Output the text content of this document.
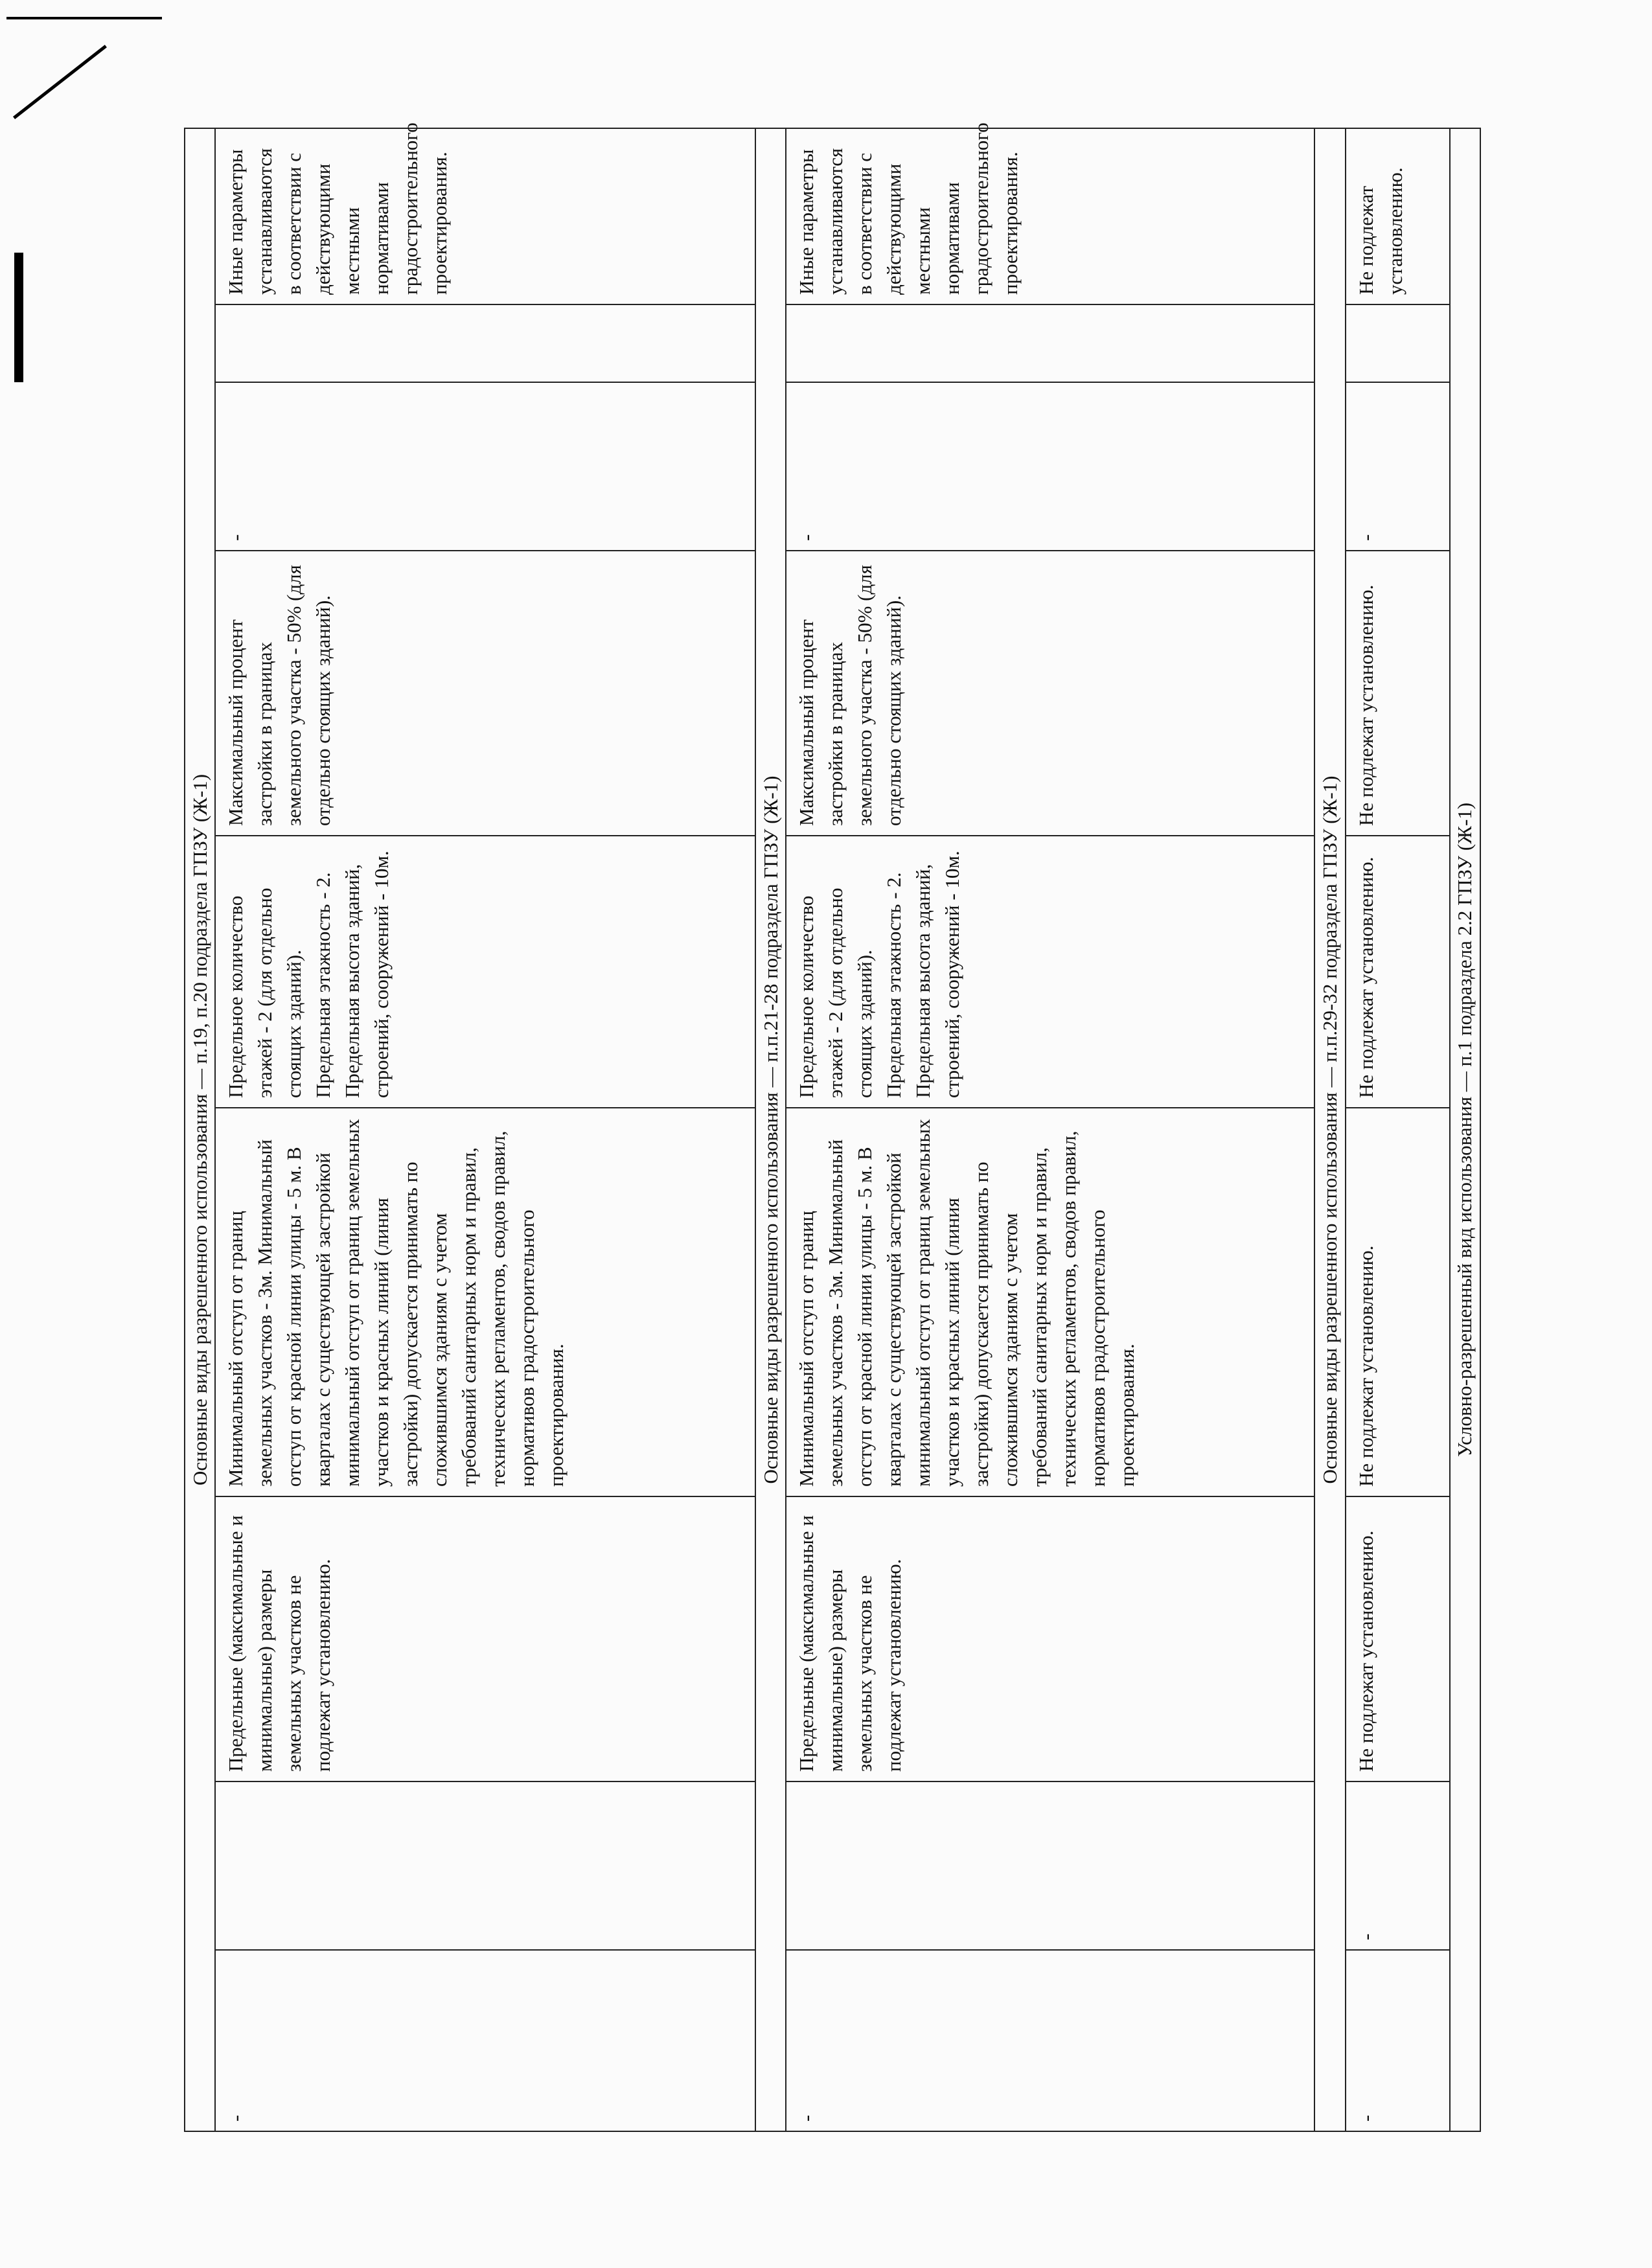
Основные виды разрешенного использования — п.19, п.20 подраздела ГПЗУ (Ж-1)								
-		Предельные (максимальные и минимальные) размеры земельных участков не подлежат установлению.	Минимальный отступ от границ земельных участков - 3м. Минимальный отступ от красной линии улицы - 5 м. В кварталах с существующей застройкой минимальный отступ от границ земельных участков и красных линий (линия застройки) допускается принимать по сложившимся зданиям с учетом требований санитарных норм и правил, технических регламентов, сводов правил, нормативов градостроительного проектирования.	Предельное количество этажей - 2 (для отдельно стоящих зданий). Предельная этажность - 2. Предельная высота зданий, строений, сооружений - 10м.	Максимальный процент застройки в границах земельного участка - 50% (для отдельно стоящих зданий).	-		Иные параметры устанавливаются в соответствии с действующими местными нормативами градостроительного проектирования.
Основные виды разрешенного использования — п.п.21-28 подраздела ГПЗУ (Ж-1)								
-		Предельные (максимальные и минимальные) размеры земельных участков не подлежат установлению.	Минимальный отступ от границ земельных участков - 3м. Минимальный отступ от красной линии улицы - 5 м. В кварталах с существующей застройкой минимальный отступ от границ земельных участков и красных линий (линия застройки) допускается принимать по сложившимся зданиям с учетом требований санитарных норм и правил, технических регламентов, сводов правил, нормативов градостроительного проектирования.	Предельное количество этажей - 2 (для отдельно стоящих зданий). Предельная этажность - 2. Предельная высота зданий, строений, сооружений - 10м.	Максимальный процент застройки в границах земельного участка - 50% (для отдельно стоящих зданий).	-		Иные параметры устанавливаются в соответствии с действующими местными нормативами градостроительного проектирования.
Основные виды разрешенного использования — п.п.29-32 подраздела ГПЗУ (Ж-1)								
-	-	Не подлежат установлению.	Не подлежат установлению.	Не подлежат установлению.	Не подлежат установлению.	-		Не подлежат установлению.
Условно-разрешенный вид использования — п.1 подраздела 2.2 ГПЗУ (Ж-1)								
